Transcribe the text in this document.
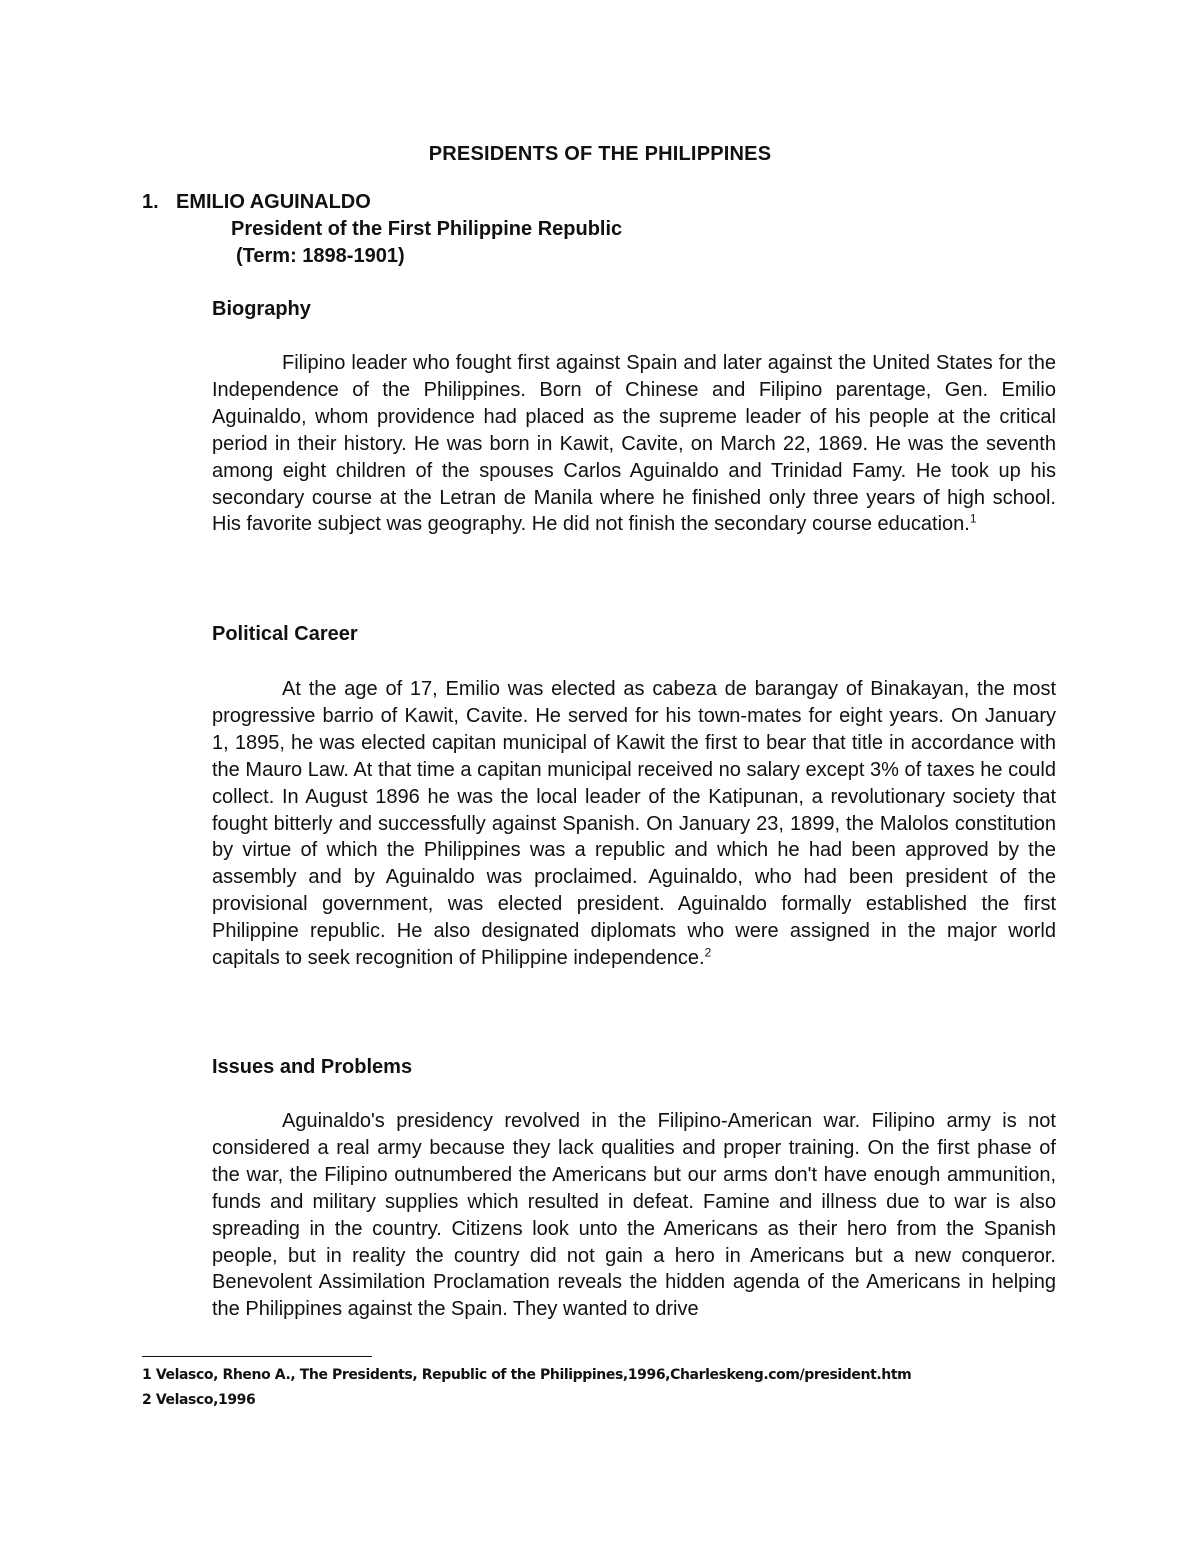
PRESIDENTS OF THE PHILIPPINES
1. EMILIO AGUINALDO
President of the First Philippine Republic
(Term: 1898-1901)
Biography

Filipino leader who fought first against Spain and later against the United States for the Independence of the Philippines. Born of Chinese and Filipino parentage, Gen. Emilio Aguinaldo, whom providence had placed as the supreme leader of his people at the critical period in their history. He was born in Kawit, Cavite, on March 22, 1869. He was the seventh among eight children of the spouses Carlos Aguinaldo and Trinidad Famy. He took up his secondary course at the Letran de Manila where he finished only three years of high school. His favorite subject was geography. He did not finish the secondary course education.$^1$

Political Career

At the age of 17, Emilio was elected as cabeza de barangay of Binakayan, the most progressive barrio of Kawit, Cavite. He served for his town-mates for eight years. On January 1, 1895, he was elected capitan municipal of Kawit the first to bear that title in accordance with the Mauro Law. At that time a capitan municipal received no salary except 3% of taxes he could collect. In August 1896 he was the local leader of the Katipunan, a revolutionary society that fought bitterly and successfully against Spanish. On January 23, 1899, the Malolos constitution by virtue of which the Philippines was a republic and which he had been approved by the assembly and by Aguinaldo was proclaimed. Aguinaldo, who had been president of the provisional government, was elected president. Aguinaldo formally established the first Philippine republic. He also designated diplomats who were assigned in the major world capitals to seek recognition of Philippine independence.$^2$

Issues and Problems

Aguinaldo's presidency revolved in the Filipino-American war. Filipino army is not considered a real army because they lack qualities and proper training. On the first phase of the war, the Filipino outnumbered the Americans but our arms don't have enough ammunition, funds and military supplies which resulted in defeat. Famine and illness due to war is also spreading in the country. Citizens look unto the Americans as their hero from the Spanish people, but in reality the country did not gain a hero in Americans but a new conqueror. Benevolent Assimilation Proclamation reveals the hidden agenda of the Americans in helping the Philippines against the Spain. They wanted to drive

1 Velasco, Rheno A., The Presidents, Republic of the Philippines,1996,Charleskeng.com/president.htm
2 Velasco,1996
